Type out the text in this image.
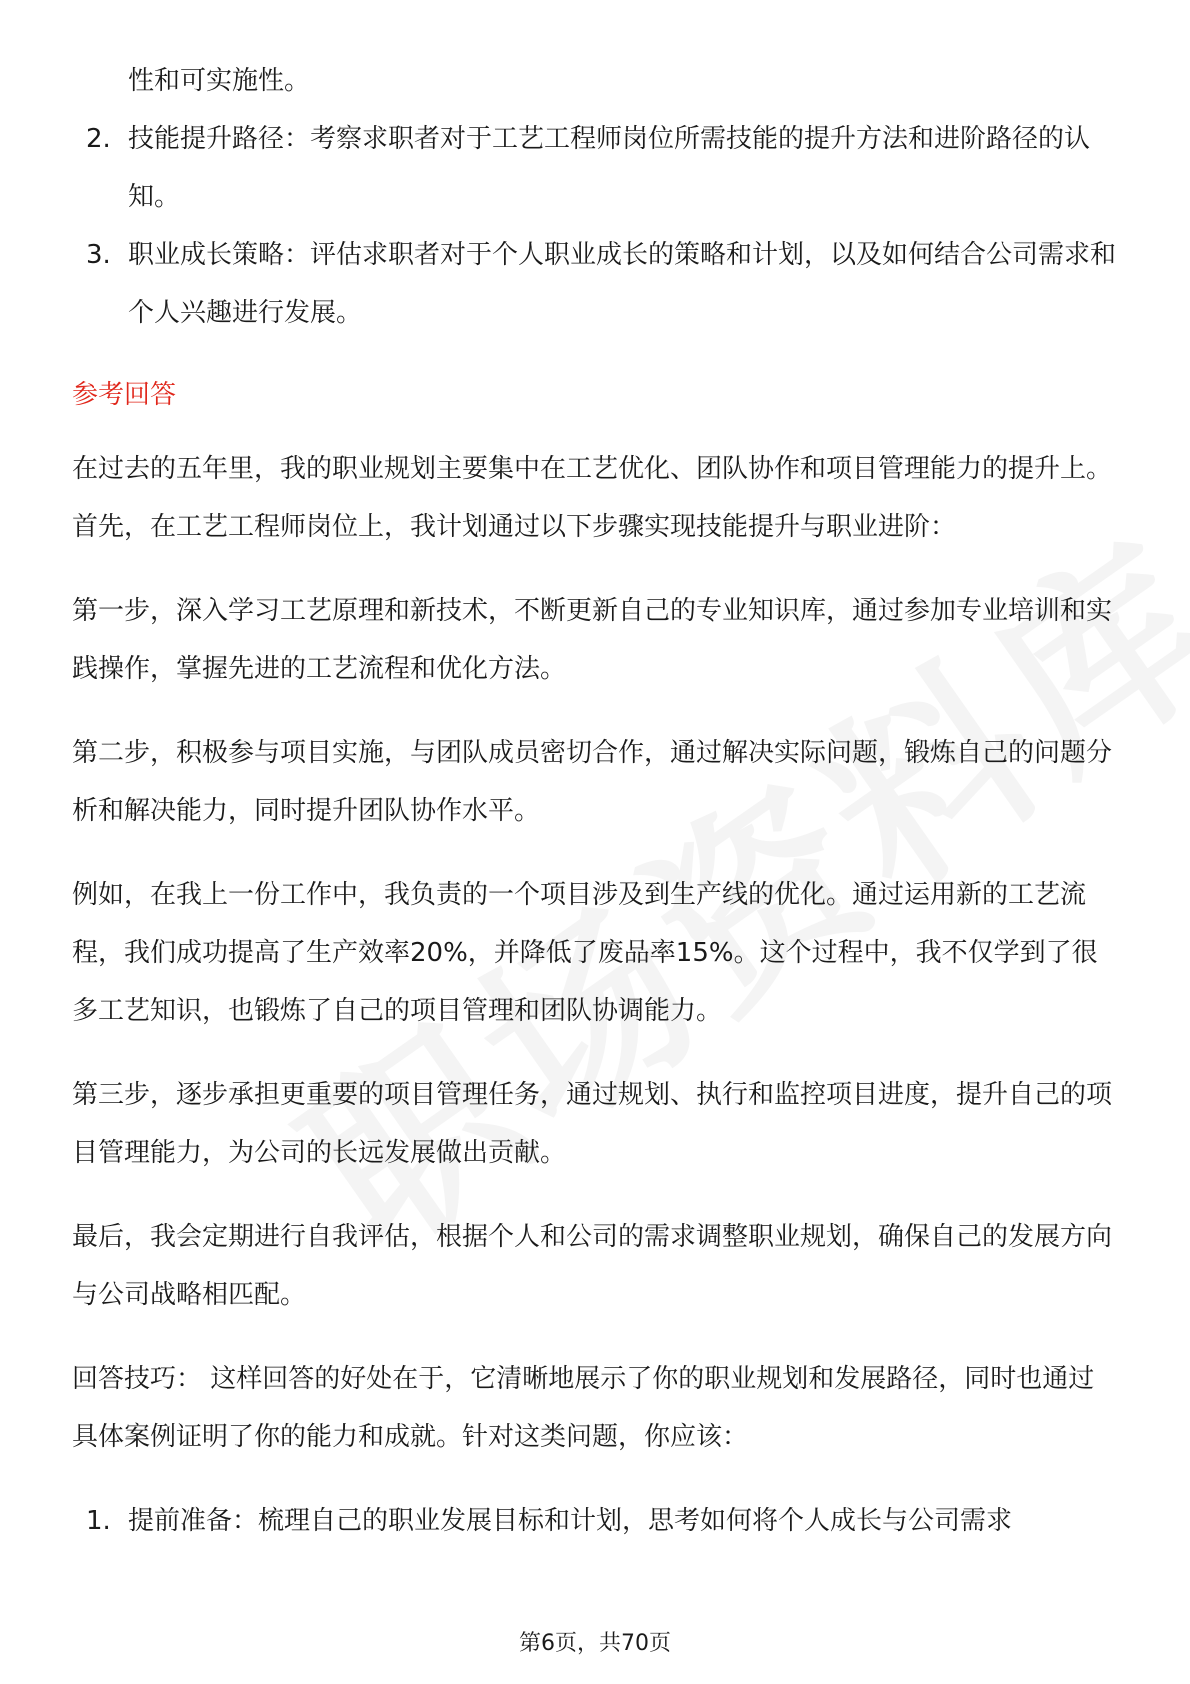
性和可实施性。

2. 技能提升路径：考察求职者对于工艺工程师岗位所需技能的提升方法和进阶路径的认知。
3. 职业成长策略：评估求职者对于个人职业成长的策略和计划，以及如何结合公司需求和个人兴趣进行发展。
参考回答

在过去的五年里，我的职业规划主要集中在工艺优化、团队协作和项目管理能力的提升上。首先，在工艺工程师岗位上，我计划通过以下步骤实现技能提升与职业进阶：

第一步，深入学习工艺原理和新技术，不断更新自己的专业知识库，通过参加专业培训和实践操作，掌握先进的工艺流程和优化方法。

第二步，积极参与项目实施，与团队成员密切合作，通过解决实际问题，锻炼自己的问题分析和解决能力，同时提升团队协作水平。

例如，在我上一份工作中，我负责的一个项目涉及到生产线的优化。通过运用新的工艺流程，我们成功提高了生产效率20%，并降低了废品率15%。这个过程中，我不仅学到了很多工艺知识，也锻炼了自己的项目管理和团队协调能力。

第三步，逐步承担更重要的项目管理任务，通过规划、执行和监控项目进度，提升自己的项目管理能力，为公司的长远发展做出贡献。

最后，我会定期进行自我评估，根据个人和公司的需求调整职业规划，确保自己的发展方向与公司战略相匹配。

回答技巧： 这样回答的好处在于，它清晰地展示了你的职业规划和发展路径，同时也通过具体案例证明了你的能力和成就。针对这类问题，你应该：

1. 提前准备：梳理自己的职业发展目标和计划，思考如何将个人成长与公司需求
第6页，共70页
